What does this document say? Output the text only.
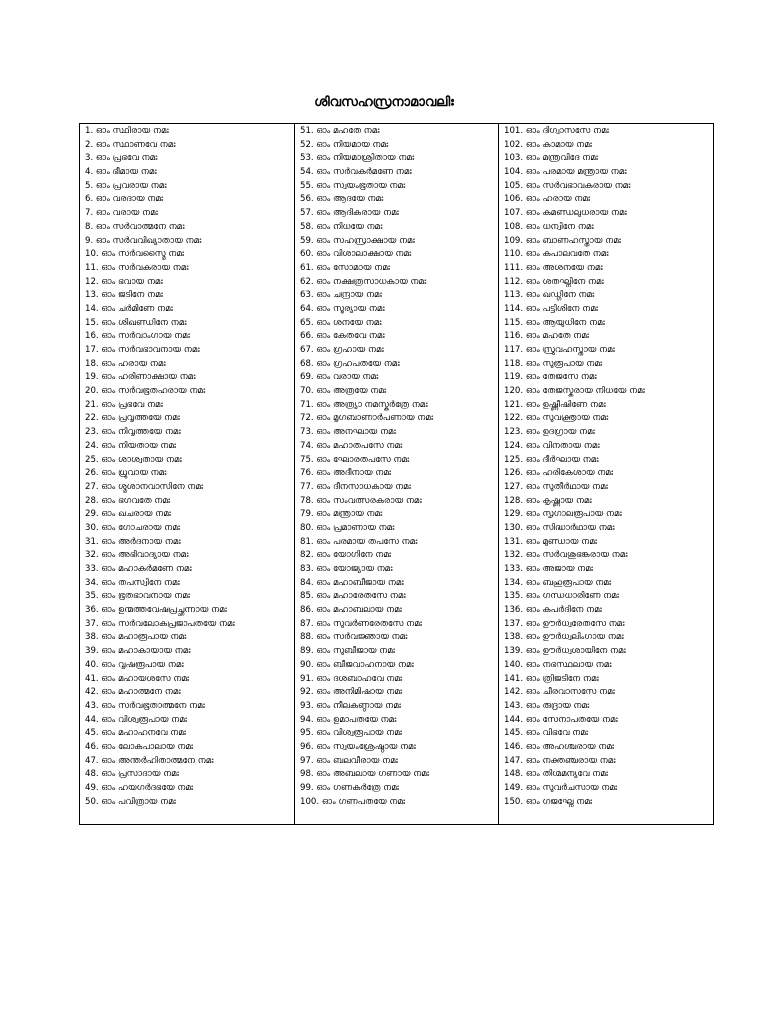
ശിവസഹസ്രനാമാവലിഃ
1. ഓം സ്ഥിരായ നമഃ
2. ഓം സ്ഥാണവേ നമഃ
3. ഓം പ്രഭവേ നമഃ
4. ഓം ഭീമായ നമഃ
5. ഓം പ്രവരായ നമഃ
6. ഓം വരദായ നമഃ
7. ഓം വരായ നമഃ
8. ഓം സർവാത്മനേ നമഃ
9. ഓം സർവവിഖ്യാതായ നമഃ
10. ഓം സർവസ്മൈ നമഃ
11. ഓം സർവകരായ നമഃ
12. ഓം ഭവായ നമഃ
13. ഓം ജടിനേ നമഃ
14. ഓം ചർമിണേ നമഃ
15. ഓം ശിഖണ്ഡിനേ നമഃ
16. ഓം സർവാംഗായ നമഃ
17. ഓം സർവഭാവനായ നമഃ
18. ഓം ഹരായ നമഃ
19. ഓം ഹരിണാക്ഷായ നമഃ
20. ഓം സർവഭൂതഹരായ നമഃ
21. ഓം പ്രഭവേ നമഃ
22. ഓം പ്രവൃത്തയേ നമഃ
23. ഓം നിവൃത്തയേ നമഃ
24. ഓം നിയതായ നമഃ
25. ഓം ശാശ്വതായ നമഃ
26. ഓം ധ്രുവായ നമഃ
27. ഓം ശ്മശാനവാസിനേ നമഃ
28. ഓം ഭഗവതേ നമഃ
29. ഓം ഖചരായ നമഃ
30. ഓം ഗോചരായ നമഃ
31. ഓം അർദനായ നമഃ
32. ഓം അഭിവാദ്യായ നമഃ
33. ഓം മഹാകർമണേ നമഃ
34. ഓം തപസ്വിനേ നമഃ
35. ഓം ഭൂതഭാവനായ നമഃ
36. ഓം ഉന്മത്തവേഷപ്രച്ഛന്നായ നമഃ
37. ഓം സർവലോകപ്രജാപതയേ നമഃ
38. ഓം മഹാരൂപായ നമഃ
39. ഓം മഹാകായായ നമഃ
40. ഓം വൃഷരൂപായ നമഃ
41. ഓം മഹായശസേ നമഃ
42. ഓം മഹാത്മനേ നമഃ
43. ഓം സർവഭൂതാത്മനേ നമഃ
44. ഓം വിശ്വരൂപായ നമഃ
45. ഓം മഹാഹനവേ നമഃ
46. ഓം ലോകപാലായ നമഃ
47. ഓം അന്തർഹിതാത്മനേ നമഃ
48. ഓം പ്രസാദായ നമഃ
49. ഓം ഹയഗർദഭയേ നമഃ
50. ഓം പവിത്രായ നമഃ
51. ഓം മഹതേ നമഃ
52. ഓം നിയമായ നമഃ
53. ഓം നിയമാശ്രിതായ നമഃ
54. ഓം സർവകർമണേ നമഃ
55. ഓം സ്വയംഭൂതായ നമഃ
56. ഓം ആദയേ നമഃ
57. ഓം ആദികരായ നമഃ
58. ഓം നിധയേ നമഃ
59. ഓം സഹസ്രാക്ഷായ നമഃ
60. ഓം വിശാലാക്ഷായ നമഃ
61. ഓം സോമായ നമഃ
62. ഓം നക്ഷത്രസാധകായ നമഃ
63. ഓം ചന്ദ്രായ നമഃ
64. ഓം സൂര്യായ നമഃ
65. ഓം ശനയേ നമഃ
66. ഓം കേതവേ നമഃ
67. ഓം ഗ്രഹായ നമഃ
68. ഓം ഗ്രഹപതയേ നമഃ
69. ഓം വരായ നമഃ
70. ഓം അത്രയേ നമഃ
71. ഓം അത്ര്യാ നമസ്കർത്രേ നമഃ
72. ഓം മൃഗബാണാർപണായ നമഃ
73. ഓം അനഘായ നമഃ
74. ഓം മഹാതപസേ നമഃ
75. ഓം ഘോരതപസേ നമഃ
76. ഓം അദീനായ നമഃ
77. ഓം ദീനസാധകായ നമഃ
78. ഓം സംവത്സരകരായ നമഃ
79. ഓം മന്ത്രായ നമഃ
80. ഓം പ്രമാണായ നമഃ
81. ഓം പരമായ തപസേ നമഃ
82. ഓം യോഗിനേ നമഃ
83. ഓം യോജ്യായ നമഃ
84. ഓം മഹാബീജായ നമഃ
85. ഓം മഹാരേതസേ നമഃ
86. ഓം മഹാബലായ നമഃ
87. ഓം സുവർണരേതസേ നമഃ
88. ഓം സർവജ്ഞായ നമഃ
89. ഓം സുബീജായ നമഃ
90. ഓം ബീജവാഹനായ നമഃ
91. ഓം ദശബാഹവേ നമഃ
92. ഓം അനിമിഷായ നമഃ
93. ഓം നീലകണ്ഠായ നമഃ
94. ഓം ഉമാപതയേ നമഃ
95. ഓം വിശ്വരൂപായ നമഃ
96. ഓം സ്വയംശ്രേഷ്ഠായ നമഃ
97. ഓം ബലവീരായ നമഃ
98. ഓം അബലായ ഗണായ നമഃ
99. ഓം ഗണകർത്രേ നമഃ
100. ഓം ഗണപതയേ നമഃ
101. ഓം ദിഗ്വാസസേ നമഃ
102. ഓം കാമായ നമഃ
103. ഓം മന്ത്രവിദേ നമഃ
104. ഓം പരമായ മന്ത്രായ നമഃ
105. ഓം സർവഭാവകരായ നമഃ
106. ഓം ഹരായ നമഃ
107. ഓം കമണ്ഡലുധരായ നമഃ
108. ഓം ധന്വിനേ നമഃ
109. ഓം ബാണഹസ്തായ നമഃ
110. ഓം കപാലവതേ നമഃ
111. ഓം അശനയേ നമഃ
112. ഓം ശതഘ്നിനേ നമഃ
113. ഓം ഖഡ്ഗിനേ നമഃ
114. ഓം പട്ടിശിനേ നമഃ
115. ഓം ആയുധിനേ നമഃ
116. ഓം മഹതേ നമഃ
117. ഓം സ്രുവഹസ്തായ നമഃ
118. ഓം സുരൂപായ നമഃ
119. ഓം തേജസേ നമഃ
120. ഓം തേജസ്കരായ നിധയേ നമഃ
121. ഓം ഉഷ്ണീഷിണേ നമഃ
122. ഓം സുവക്ത്രായ നമഃ
123. ഓം ഉദഗ്രായ നമഃ
124. ഓം വിനതായ നമഃ
125. ഓം ദീർഘായ നമഃ
126. ഓം ഹരികേശായ നമഃ
127. ഓം സുതീർഥായ നമഃ
128. ഓം കൃഷ്ണായ നമഃ
129. ഓം സൃഗാലരൂപായ നമഃ
130. ഓം സിദ്ധാർഥായ നമഃ
131. ഓം മുണ്ഡായ നമഃ
132. ഓം സർവശുഭങ്കരായ നമഃ
133. ഓം അജായ നമഃ
134. ഓം ബഹുരൂപായ നമഃ
135. ഓം ഗന്ധധാരിണേ നമഃ
136. ഓം കപർദിനേ നമഃ
137. ഓം ഊർധ്വരേതസേ നമഃ
138. ഓം ഊർധ്വലിംഗായ നമഃ
139. ഓം ഊർധ്വശായിനേ നമഃ
140. ഓം നഭസ്ഥലായ നമഃ
141. ഓം ത്രിജടിനേ നമഃ
142. ഓം ചീരവാസസേ നമഃ
143. ഓം രുദ്രായ നമഃ
144. ഓം സേനാപതയേ നമഃ
145. ഓം വിഭവേ നമഃ
146. ഓം അഹശ്ചരായ നമഃ
147. ഓം നക്തഞ്ചരായ നമഃ
148. ഓം തിഗ്മമന്യവേ നമഃ
149. ഓം സുവർചസായ നമഃ
150. ഓം ഗജഘ്നേ നമഃ
